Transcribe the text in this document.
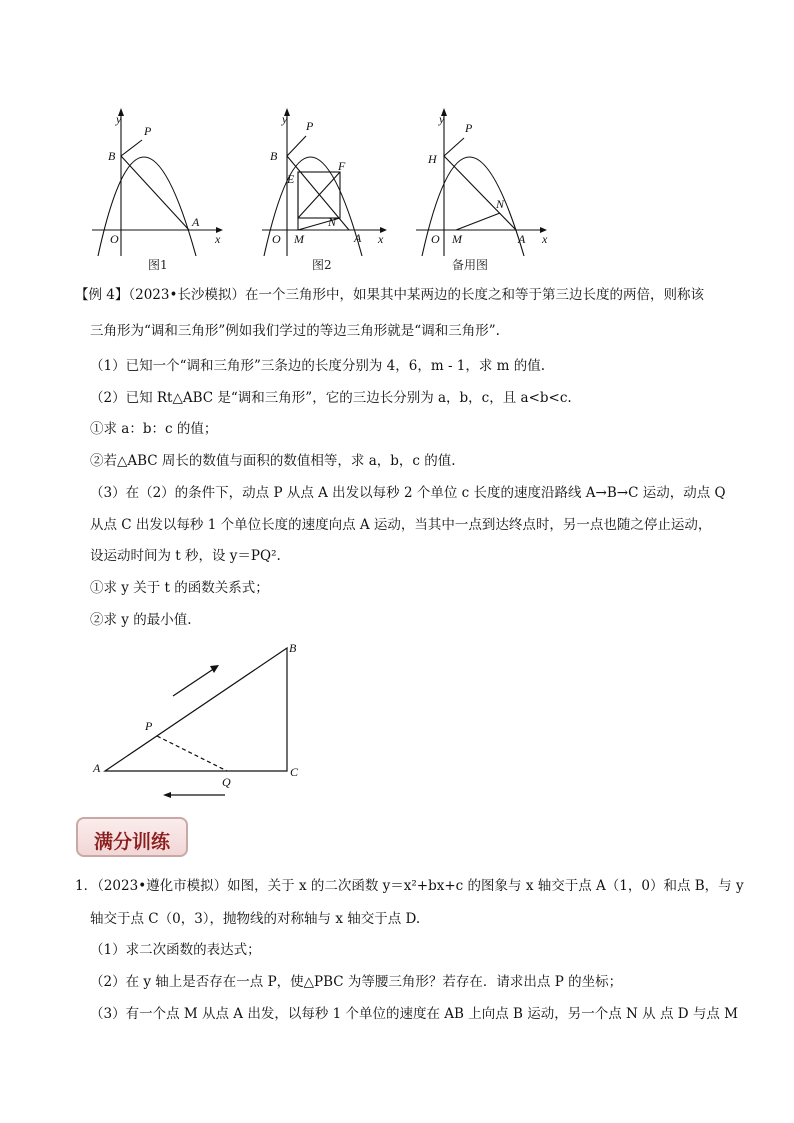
y
x
O
B
P
A
图1
y
x
O
B
P
A
E
F
N
M
图2
y
x
O
H
P
A
N
M
备用图
【例 4】（2023•长沙模拟）在一个三角形中，如果其中某两边的长度之和等于第三边长度的两倍，则称该
三角形为“调和三角形”例如我们学过的等边三角形就是“调和三角形”.
（1）已知一个“调和三角形”三条边的长度分别为 4，6，m - 1，求 m 的值.
（2）已知 Rt△ABC 是“调和三角形”，它的三边长分别为 a，b，c，且 a<b<c.
①求 a：b：c 的值；
②若△ABC 周长的数值与面积的数值相等，求 a，b，c 的值.
（3）在（2）的条件下，动点 P 从点 A 出发以每秒 2 个单位 c 长度的速度沿路线 A→B→C 运动，动点 Q
从点 C 出发以每秒 1 个单位长度的速度向点 A 运动，当其中一点到达终点时，另一点也随之停止运动，
设运动时间为 t 秒，设 y＝PQ².
①求 y 关于 t 的函数关系式；
②求 y 的最小值.
A
B
C
P
Q
满分训练
1．（2023•遵化市模拟）如图，关于 x 的二次函数 y＝x²+bx+c 的图象与 x 轴交于点 A（1，0）和点 B，与 y
轴交于点 C（0，3），抛物线的对称轴与 x 轴交于点 D.
（1）求二次函数的表达式；
（2）在 y 轴上是否存在一点 P，使△PBC 为等腰三角形？若存在．请求出点 P 的坐标；
（3）有一个点 M 从点 A 出发，以每秒 1 个单位的速度在 AB 上向点 B 运动，另一个点 N 从 点 D 与点 M
